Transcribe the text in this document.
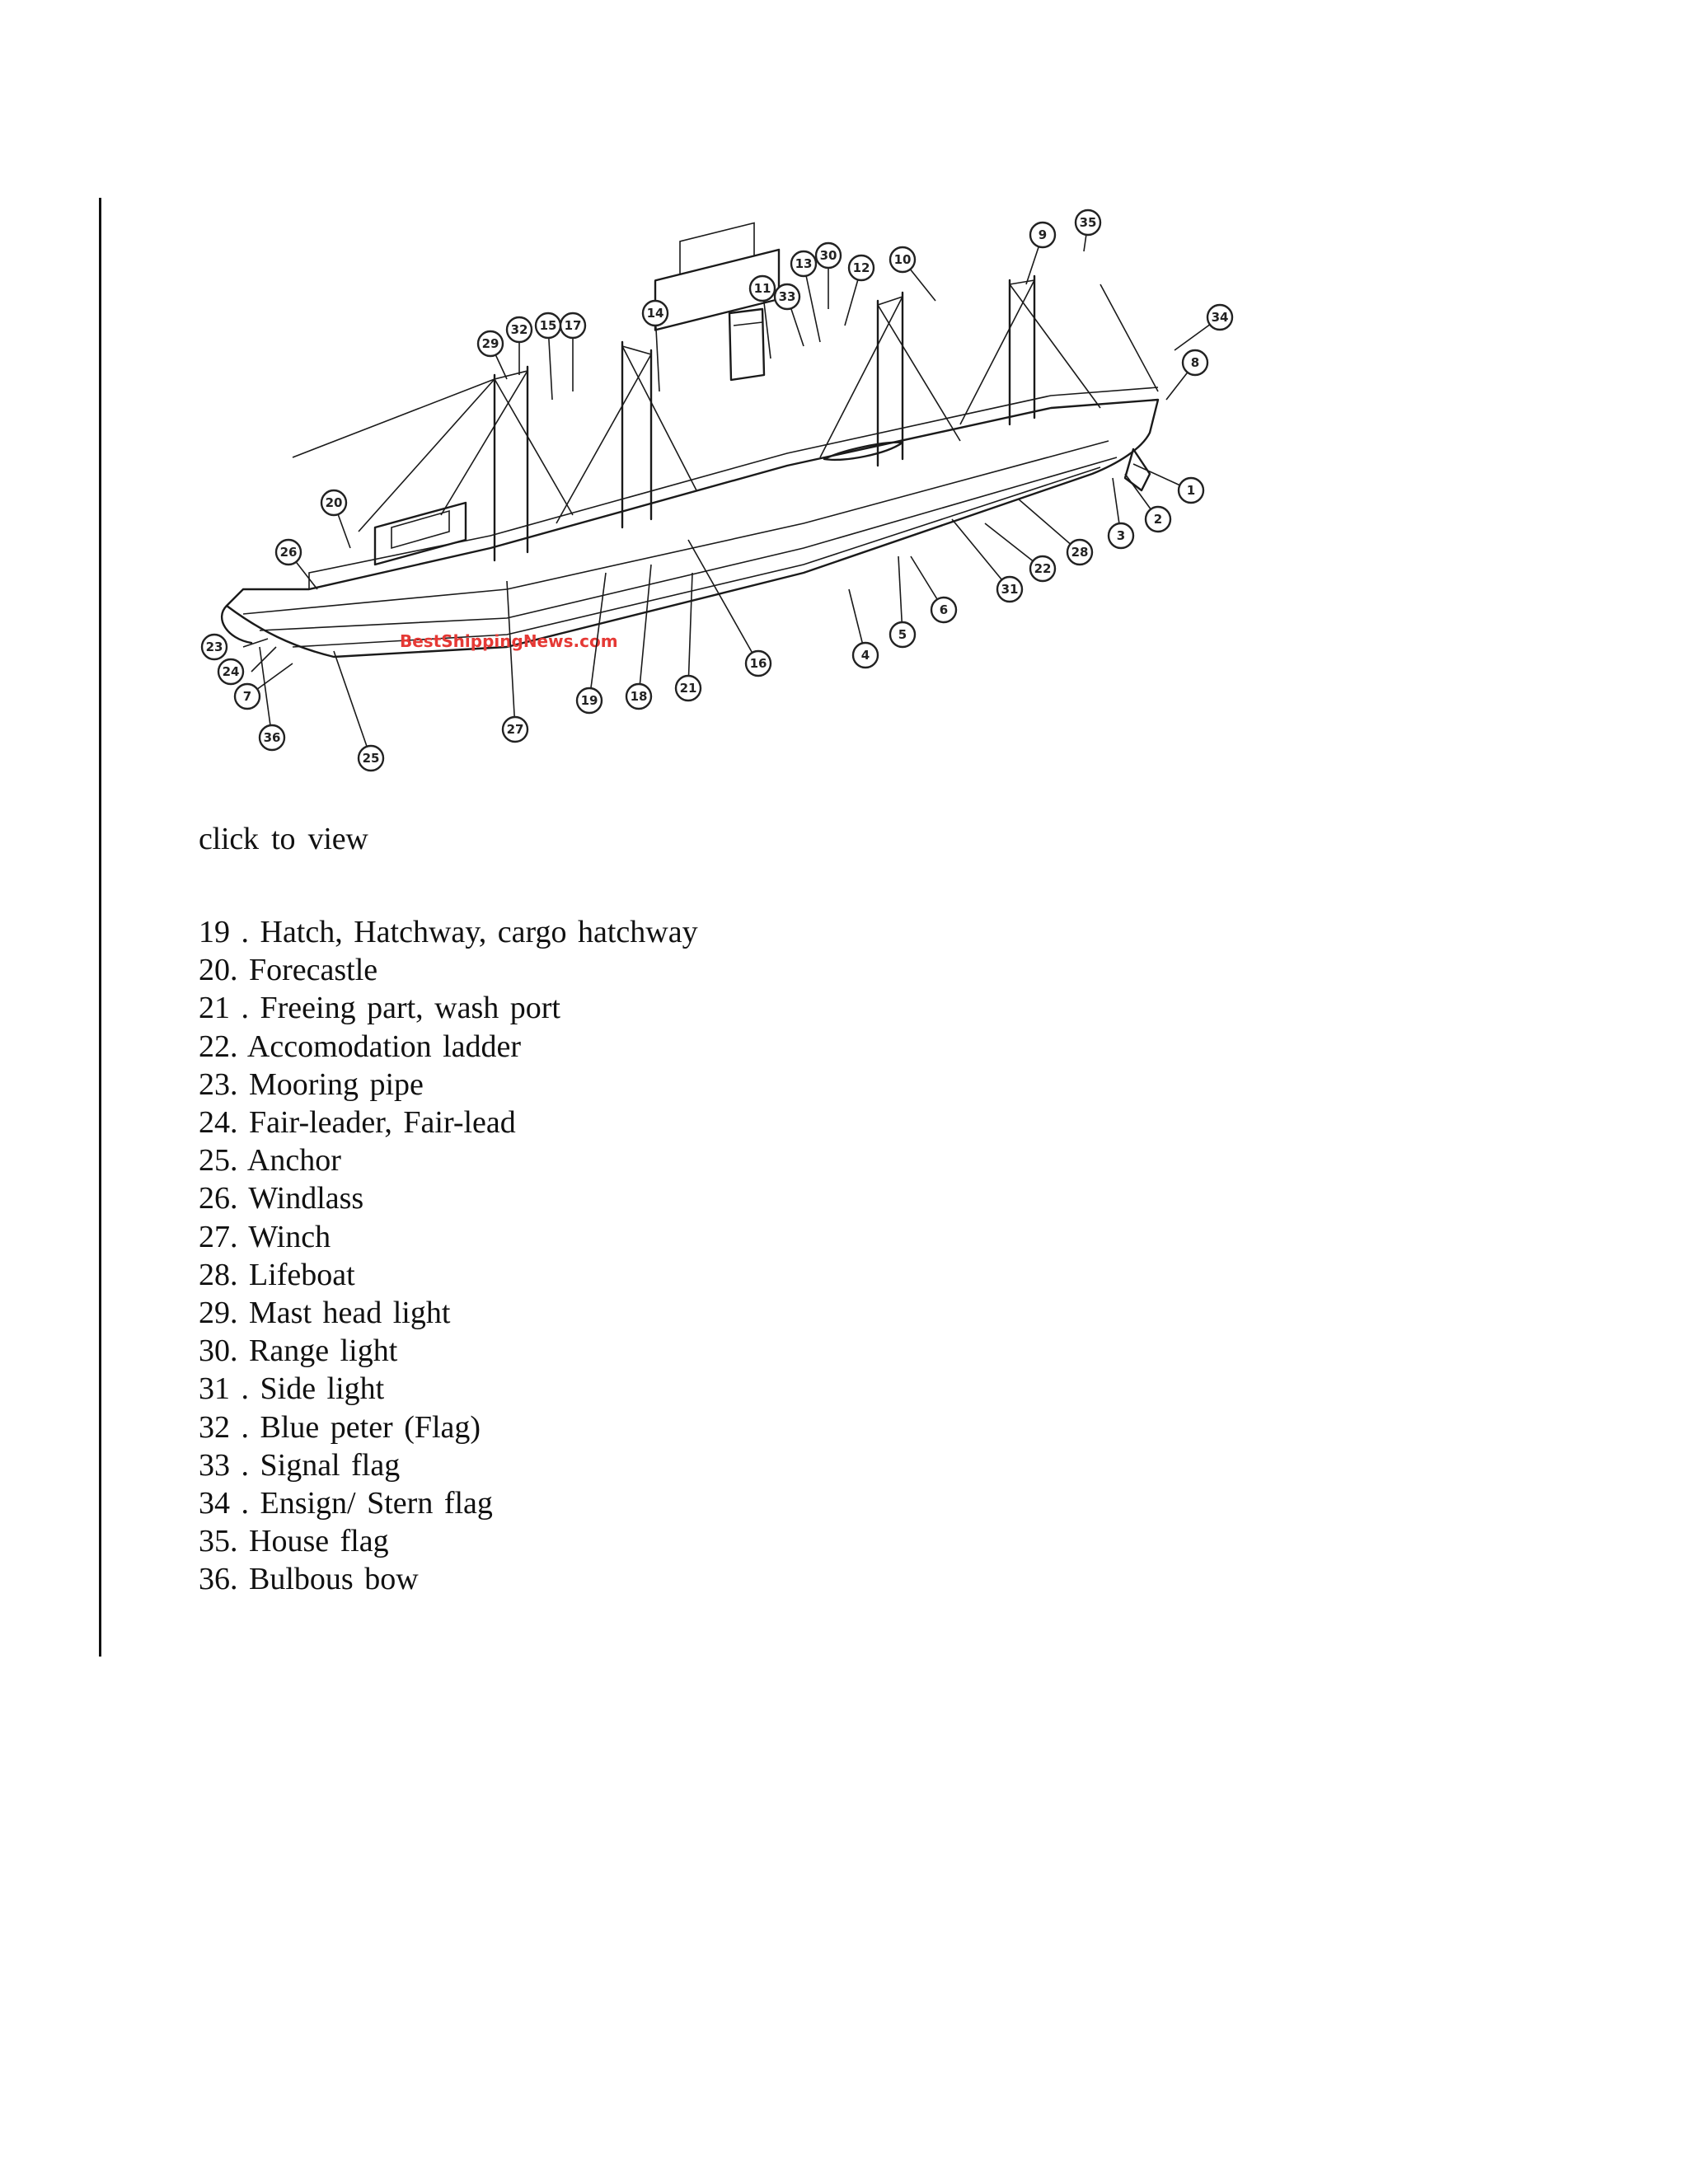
BestShippingNews.com
1
2
3
4
5
6
7
8
9
10
11
12
13
14
15
16
17
18
19
20
21
22
23
24
25
26
27
28
29
30
31
32
33
34
35
36
click to view
19 . Hatch, Hatchway, cargo hatchway
20. Forecastle
21 . Freeing part, wash port
22. Accomodation ladder
23. Mooring pipe
24. Fair-leader, Fair-lead
25. Anchor
26. Windlass
27. Winch
28. Lifeboat
29. Mast head light
30. Range light
31 . Side light
32 . Blue peter (Flag)
33 . Signal flag
34 . Ensign/ Stern flag
35. House flag
36. Bulbous bow
